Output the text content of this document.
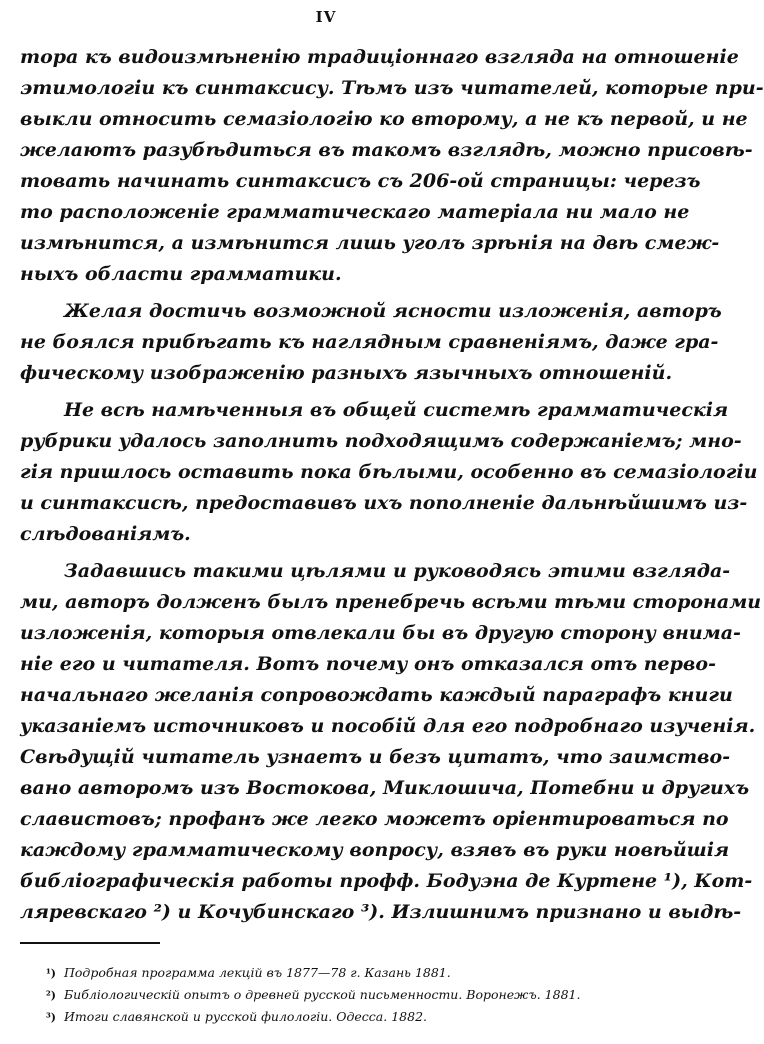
IV
тора къ видоизмѣненію традиціоннаго взгляда на отношеніе
этимологіи къ синтаксису. Тѣмъ изъ читателей, которые при-
выкли относить семазіологію ко второму, а не къ первой, и не
желаютъ разубѣдиться въ такомъ взглядѣ, можно присовѣ-
товать начинать синтаксисъ съ 206-ой страницы: черезъ
то расположеніе грамматическаго матеріала ни мало не
измѣнится, а измѣнится лишь уголъ зрѣнія на двѣ смеж-
ныхъ области грамматики.
Желая достичь возможной ясности изложенія, авторъ
не боялся прибѣгать къ наглядным сравненіямъ, даже гра-
фическому изображенію разныхъ язычныхъ отношеній.
Не всѣ намѣченныя въ общей системѣ грамматическія
рубрики удалось заполнить подходящимъ содержаніемъ; мно-
гія пришлось оставить пока бѣлыми, особенно въ семазіологіи
и синтаксисѣ, предоставивъ ихъ пополненіе дальнѣйшимъ из-
слѣдованіямъ.
Задавшись такими цѣлями и руководясь этими взгляда-
ми, авторъ долженъ былъ пренебречь всѣми тѣми сторонами
изложенія, которыя отвлекали бы въ другую сторону внима-
ніе его и читателя. Вотъ почему онъ отказался отъ перво-
начальнаго желанія сопровождать каждый параграфъ книги
указаніемъ источниковъ и пособій для его подробнаго изученія.
Свѣдущій читатель узнаетъ и безъ цитатъ, что заимство-
вано авторомъ изъ Востокова, Миклошича, Потебни и другихъ
славистовъ; профанъ же легко можетъ оріентироваться по
каждому грамматическому вопросу, взявъ въ руки новѣйшія
библіографическія работы профф. Бодуэна де Куртене ¹), Кот-
ляревскаго ²) и Кочубинскаго ³). Излишнимъ признано и выдѣ-
¹) Подробная программа лекцій въ 1877—78 г. Казань 1881.
²) Библіологическій опытъ о древней русской письменности. Воронежъ. 1881.
³) Итоги славянской и русской филологіи. Одесса. 1882.
